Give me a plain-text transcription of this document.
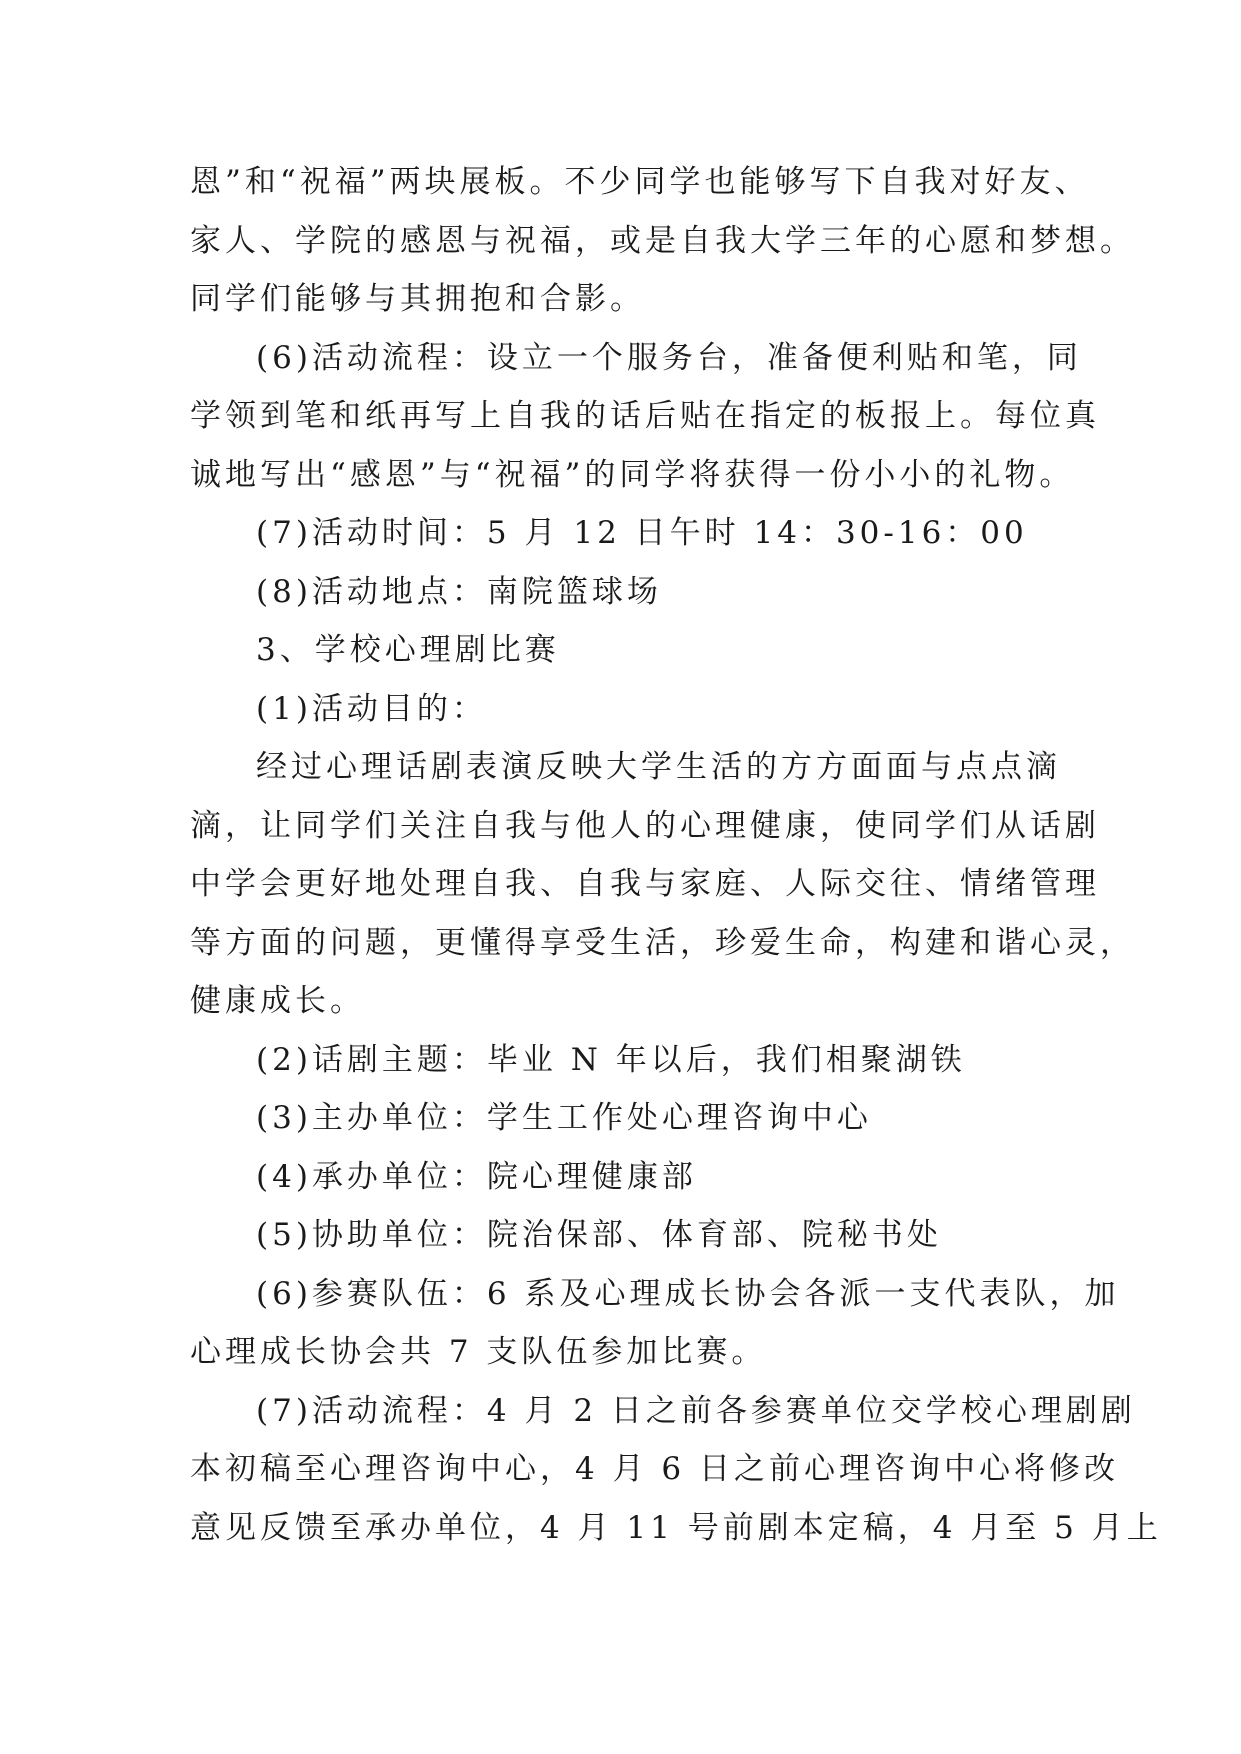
恩”和“祝福”两块展板。不少同学也能够写下自我对好友、
家人、学院的感恩与祝福，或是自我大学三年的心愿和梦想。
同学们能够与其拥抱和合影。
(6)活动流程：设立一个服务台，准备便利贴和笔，同
学领到笔和纸再写上自我的话后贴在指定的板报上。每位真
诚地写出“感恩”与“祝福”的同学将获得一份小小的礼物。
(7)活动时间：5 月 12 日午时 14：30-16：00
(8)活动地点：南院篮球场
3、学校心理剧比赛
(1)活动目的：
经过心理话剧表演反映大学生活的方方面面与点点滴
滴，让同学们关注自我与他人的心理健康，使同学们从话剧
中学会更好地处理自我、自我与家庭、人际交往、情绪管理
等方面的问题，更懂得享受生活，珍爱生命，构建和谐心灵，
健康成长。
(2)话剧主题：毕业 N 年以后，我们相聚湖铁
(3)主办单位：学生工作处心理咨询中心
(4)承办单位：院心理健康部
(5)协助单位：院治保部、体育部、院秘书处
(6)参赛队伍：6 系及心理成长协会各派一支代表队，加
心理成长协会共 7 支队伍参加比赛。
(7)活动流程：4 月 2 日之前各参赛单位交学校心理剧剧
本初稿至心理咨询中心，4 月 6 日之前心理咨询中心将修改
意见反馈至承办单位，4 月 11 号前剧本定稿，4 月至 5 月上
